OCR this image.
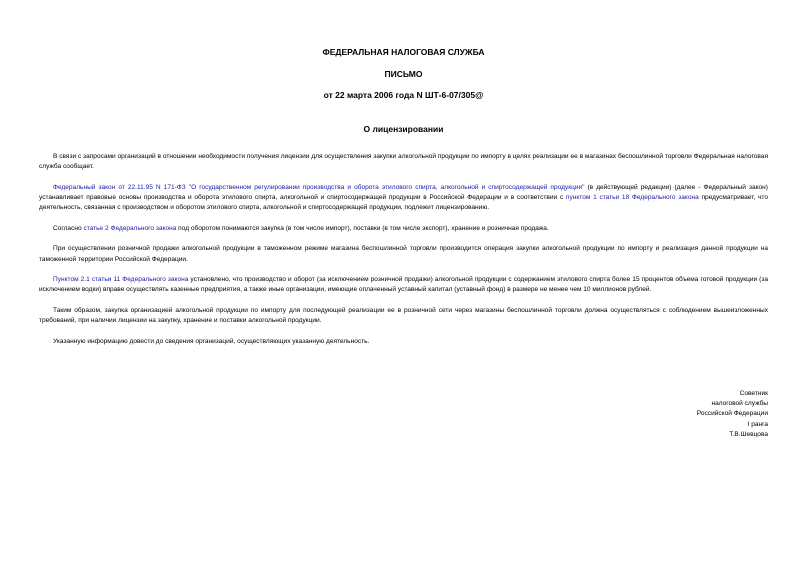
ФЕДЕРАЛЬНАЯ НАЛОГОВАЯ СЛУЖБА

ПИСЬМО

от 22 марта 2006 года N ШТ-6-07/305@

О лицензировании

В связи с запросами организаций в отношении необходимости получения лицензии для осуществления закупки алкогольной продукции по импорту в целях реализации ее в магазинах беспошлинной торговли Федеральная налоговая служба сообщает.

Федеральный закон от 22.11.95 N 171-ФЗ "О государственном регулировании производства и оборота этилового спирта, алкогольной и спиртосодержащей продукции" (в действующей редакции) (далее - Федеральный закон) устанавливает правовые основы производства и оборота этилового спирта, алкогольной и спиртосодержащей продукции в Российской Федерации и в соответствии с пунктом 1 статьи 18 Федерального закона предусматривает, что деятельность, связанная с производством и оборотом этилового спирта, алкогольной и спиртосодержащей продукции, подлежит лицензированию.

Согласно статье 2 Федерального закона под оборотом понимаются закупка (в том числе импорт), поставки (в том числе экспорт), хранение и розничная продажа.

При осуществлении розничной продажи алкогольной продукции в таможенном режиме магазина беспошлинной торговли производится операция закупки алкогольной продукции по импорту и реализация данной продукции на таможенной территории Российской Федерации.

Пунктом 2.1 статьи 11 Федерального закона установлено, что производство и оборот (за исключением розничной продажи) алкогольной продукции с содержанием этилового спирта более 15 процентов объема готовой продукции (за исключением водки) вправе осуществлять казенные предприятия, а также иные организации, имеющие оплаченный уставный капитал (уставный фонд) в размере не менее чем 10 миллионов рублей.

Таким образом, закупка организацией алкогольной продукции по импорту для последующей реализации ее в розничной сети через магазины беспошлинной торговли должна осуществляться с соблюдением вышеизложенных требований, при наличии лицензии на закупку, хранение и поставки алкогольной продукции.

Указанную информацию довести до сведения организаций, осуществляющих указанную деятельность.

Советник
налоговой службы
Российской Федерации
I ранга
Т.В.Шевцова
